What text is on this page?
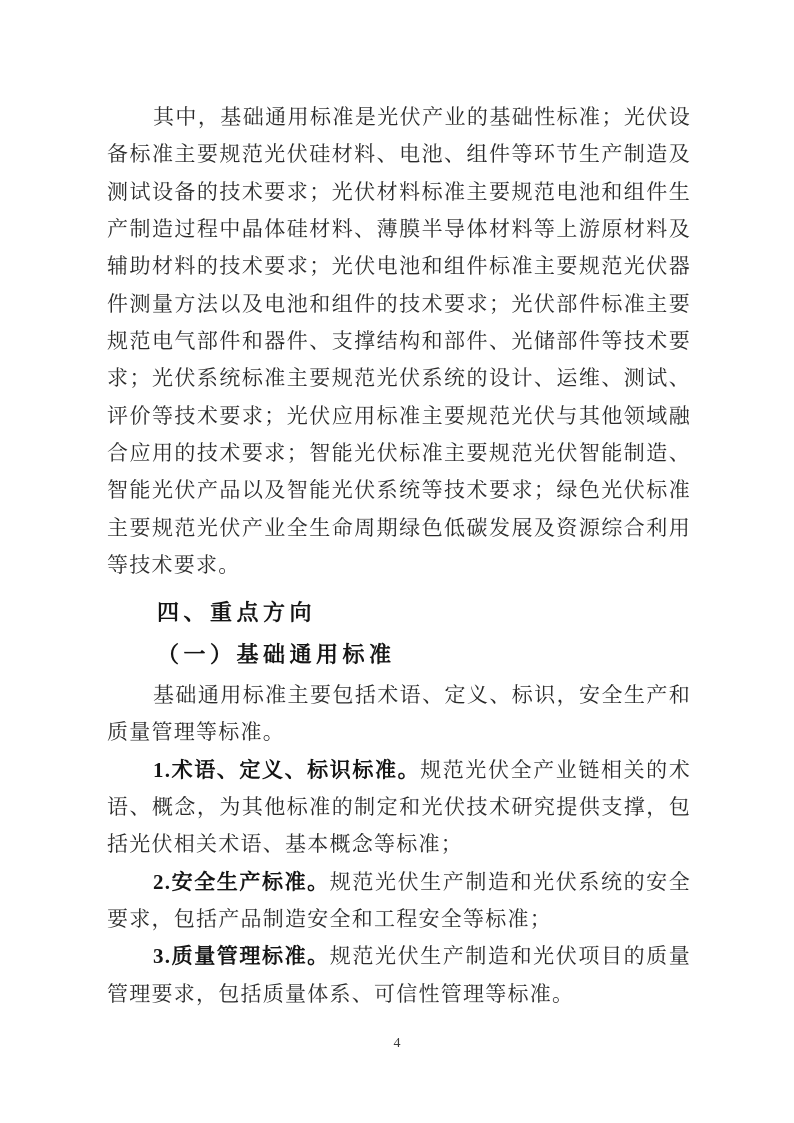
其中，基础通用标准是光伏产业的基础性标准；光伏设备标准主要规范光伏硅材料、电池、组件等环节生产制造及测试设备的技术要求；光伏材料标准主要规范电池和组件生产制造过程中晶体硅材料、薄膜半导体材料等上游原材料及辅助材料的技术要求；光伏电池和组件标准主要规范光伏器件测量方法以及电池和组件的技术要求；光伏部件标准主要规范电气部件和器件、支撑结构和部件、光储部件等技术要求；光伏系统标准主要规范光伏系统的设计、运维、测试、评价等技术要求；光伏应用标准主要规范光伏与其他领域融合应用的技术要求；智能光伏标准主要规范光伏智能制造、智能光伏产品以及智能光伏系统等技术要求；绿色光伏标准主要规范光伏产业全生命周期绿色低碳发展及资源综合利用等技术要求。

四、重点方向
（一）基础通用标准

基础通用标准主要包括术语、定义、标识，安全生产和质量管理等标准。

1.术语、定义、标识标准。规范光伏全产业链相关的术语、概念，为其他标准的制定和光伏技术研究提供支撑，包括光伏相关术语、基本概念等标准；

2.安全生产标准。规范光伏生产制造和光伏系统的安全要求，包括产品制造安全和工程安全等标准；

3.质量管理标准。规范光伏生产制造和光伏项目的质量管理要求，包括质量体系、可信性管理等标准。

4
